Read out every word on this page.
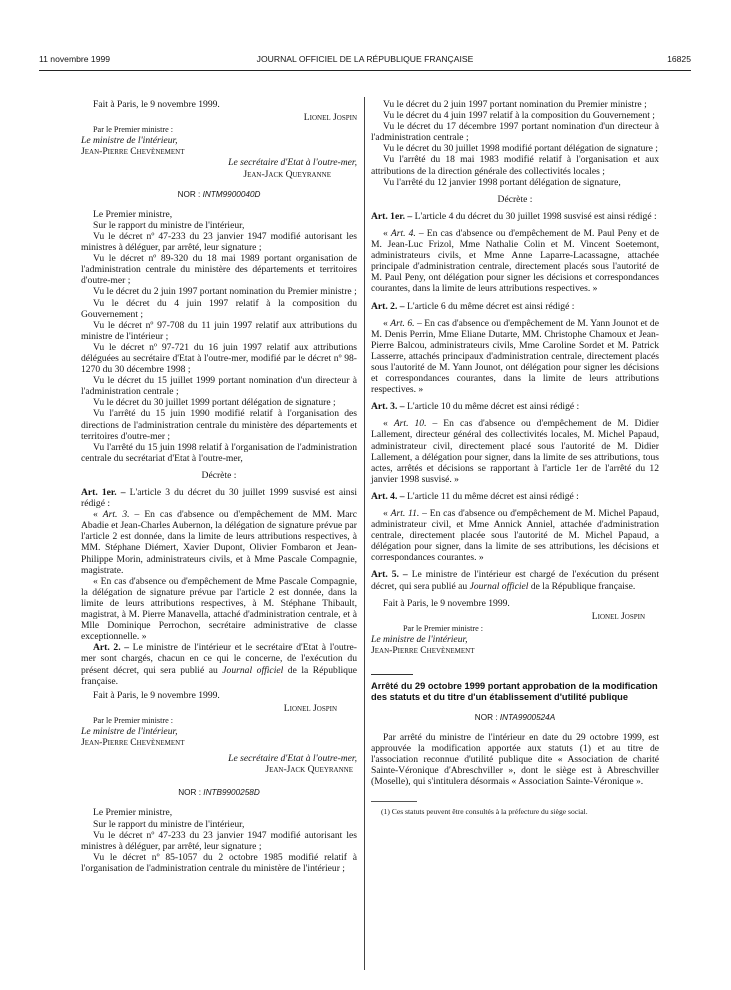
11 novembre 1999	JOURNAL OFFICIEL DE LA RÉPUBLIQUE FRANÇAISE	16825

Fait à Paris, le 9 novembre 1999.

Lionel Jospin

Par le Premier ministre :

Le ministre de l'intérieur,

Jean-Pierre Chevènement

Le secrétaire d'Etat à l'outre-mer,

Jean-Jack Queyranne

NOR : INTM9900040D

Le Premier ministre,

Sur le rapport du ministre de l'intérieur,

Vu le décret nº 47-233 du 23 janvier 1947 modifié autorisant les ministres à déléguer, par arrêté, leur signature ;

Vu le décret nº 89-320 du 18 mai 1989 portant organisation de l'administration centrale du ministère des départements et territoires d'outre-mer ;

Vu le décret du 2 juin 1997 portant nomination du Premier ministre ;

Vu le décret du 4 juin 1997 relatif à la composition du Gouvernement ;

Vu le décret nº 97-708 du 11 juin 1997 relatif aux attributions du ministre de l'intérieur ;

Vu le décret nº 97-721 du 16 juin 1997 relatif aux attributions déléguées au secrétaire d'Etat à l'outre-mer, modifié par le décret nº 98-1270 du 30 décembre 1998 ;

Vu le décret du 15 juillet 1999 portant nomination d'un directeur à l'administration centrale ;

Vu le décret du 30 juillet 1999 portant délégation de signature ;

Vu l'arrêté du 15 juin 1990 modifié relatif à l'organisation des directions de l'administration centrale du ministère des départements et territoires d'outre-mer ;

Vu l'arrêté du 15 juin 1998 relatif à l'organisation de l'administration centrale du secrétariat d'Etat à l'outre-mer,

Décrète :

Art. 1er. – L'article 3 du décret du 30 juillet 1999 susvisé est ainsi rédigé :

« Art. 3. – En cas d'absence ou d'empêchement de MM. Marc Abadie et Jean-Charles Aubernon, la délégation de signature prévue par l'article 2 est donnée, dans la limite de leurs attributions respectives, à MM. Stéphane Diémert, Xavier Dupont, Olivier Fombaron et Jean-Philippe Morin, administrateurs civils, et à Mme Pascale Compagnie, magistrate.

« En cas d'absence ou d'empêchement de Mme Pascale Compagnie, la délégation de signature prévue par l'article 2 est donnée, dans la limite de leurs attributions respectives, à M. Stéphane Thibault, magistrat, à M. Pierre Manavella, attaché d'administration centrale, et à Mlle Dominique Perrochon, secrétaire administrative de classe exceptionnelle. »

Art. 2. – Le ministre de l'intérieur et le secrétaire d'Etat à l'outre-mer sont chargés, chacun en ce qui le concerne, de l'exécution du présent décret, qui sera publié au Journal officiel de la République française.

Fait à Paris, le 9 novembre 1999.

Lionel Jospin

Par le Premier ministre :

Le ministre de l'intérieur,

Jean-Pierre Chevènement

Le secrétaire d'Etat à l'outre-mer,

Jean-Jack Queyranne

NOR : INTB9900258D

Le Premier ministre,

Sur le rapport du ministre de l'intérieur,

Vu le décret nº 47-233 du 23 janvier 1947 modifié autorisant les ministres à déléguer, par arrêté, leur signature ;

Vu le décret nº 85-1057 du 2 octobre 1985 modifié relatif à l'organisation de l'administration centrale du ministère de l'intérieur ;

Vu le décret du 2 juin 1997 portant nomination du Premier ministre ;

Vu le décret du 4 juin 1997 relatif à la composition du Gouvernement ;

Vu le décret du 17 décembre 1997 portant nomination d'un directeur à l'administration centrale ;

Vu le décret du 30 juillet 1998 modifié portant délégation de signature ;

Vu l'arrêté du 18 mai 1983 modifié relatif à l'organisation et aux attributions de la direction générale des collectivités locales ;

Vu l'arrêté du 12 janvier 1998 portant délégation de signature,

Décrète :

Art. 1er. – L'article 4 du décret du 30 juillet 1998 susvisé est ainsi rédigé :

« Art. 4. – En cas d'absence ou d'empêchement de M. Paul Peny et de M. Jean-Luc Frizol, Mme Nathalie Colin et M. Vincent Soetemont, administrateurs civils, et Mme Anne Laparre-Lacassagne, attachée principale d'administration centrale, directement placés sous l'autorité de M. Paul Peny, ont délégation pour signer les décisions et correspondances courantes, dans la limite de leurs attributions respectives. »

Art. 2. – L'article 6 du même décret est ainsi rédigé :

« Art. 6. – En cas d'absence ou d'empêchement de M. Yann Jounot et de M. Denis Perrin, Mme Eliane Dutarte, MM. Christophe Chamoux et Jean-Pierre Balcou, administrateurs civils, Mme Caroline Sordet et M. Patrick Lasserre, attachés principaux d'administration centrale, directement placés sous l'autorité de M. Yann Jounot, ont délégation pour signer les décisions et correspondances courantes, dans la limite de leurs attributions respectives. »

Art. 3. – L'article 10 du même décret est ainsi rédigé :

« Art. 10. – En cas d'absence ou d'empêchement de M. Didier Lallement, directeur général des collectivités locales, M. Michel Papaud, administrateur civil, directement placé sous l'autorité de M. Didier Lallement, a délégation pour signer, dans la limite de ses attributions, tous actes, arrêtés et décisions se rapportant à l'article 1er de l'arrêté du 12 janvier 1998 susvisé. »

Art. 4. – L'article 11 du même décret est ainsi rédigé :

« Art. 11. – En cas d'absence ou d'empêchement de M. Michel Papaud, administrateur civil, et Mme Annick Anniel, attachée d'administration centrale, directement placée sous l'autorité de M. Michel Papaud, a délégation pour signer, dans la limite de ses attributions, les décisions et correspondances courantes. »

Art. 5. – Le ministre de l'intérieur est chargé de l'exécution du présent décret, qui sera publié au Journal officiel de la République française.

Fait à Paris, le 9 novembre 1999.

Lionel Jospin

Par le Premier ministre :

Le ministre de l'intérieur,

Jean-Pierre Chevènement

Arrêté du 29 octobre 1999 portant approbation de la modification des statuts et du titre d'un établissement d'utilité publique

NOR : INTA9900524A

Par arrêté du ministre de l'intérieur en date du 29 octobre 1999, est approuvée la modification apportée aux statuts (1) et au titre de l'association reconnue d'utilité publique dite « Association de charité Sainte-Véronique d'Abreschviller », dont le siège est à Abreschviller (Moselle), qui s'intitulera désormais « Association Sainte-Véronique ».

(1) Ces statuts peuvent être consultés à la préfecture du siège social.
